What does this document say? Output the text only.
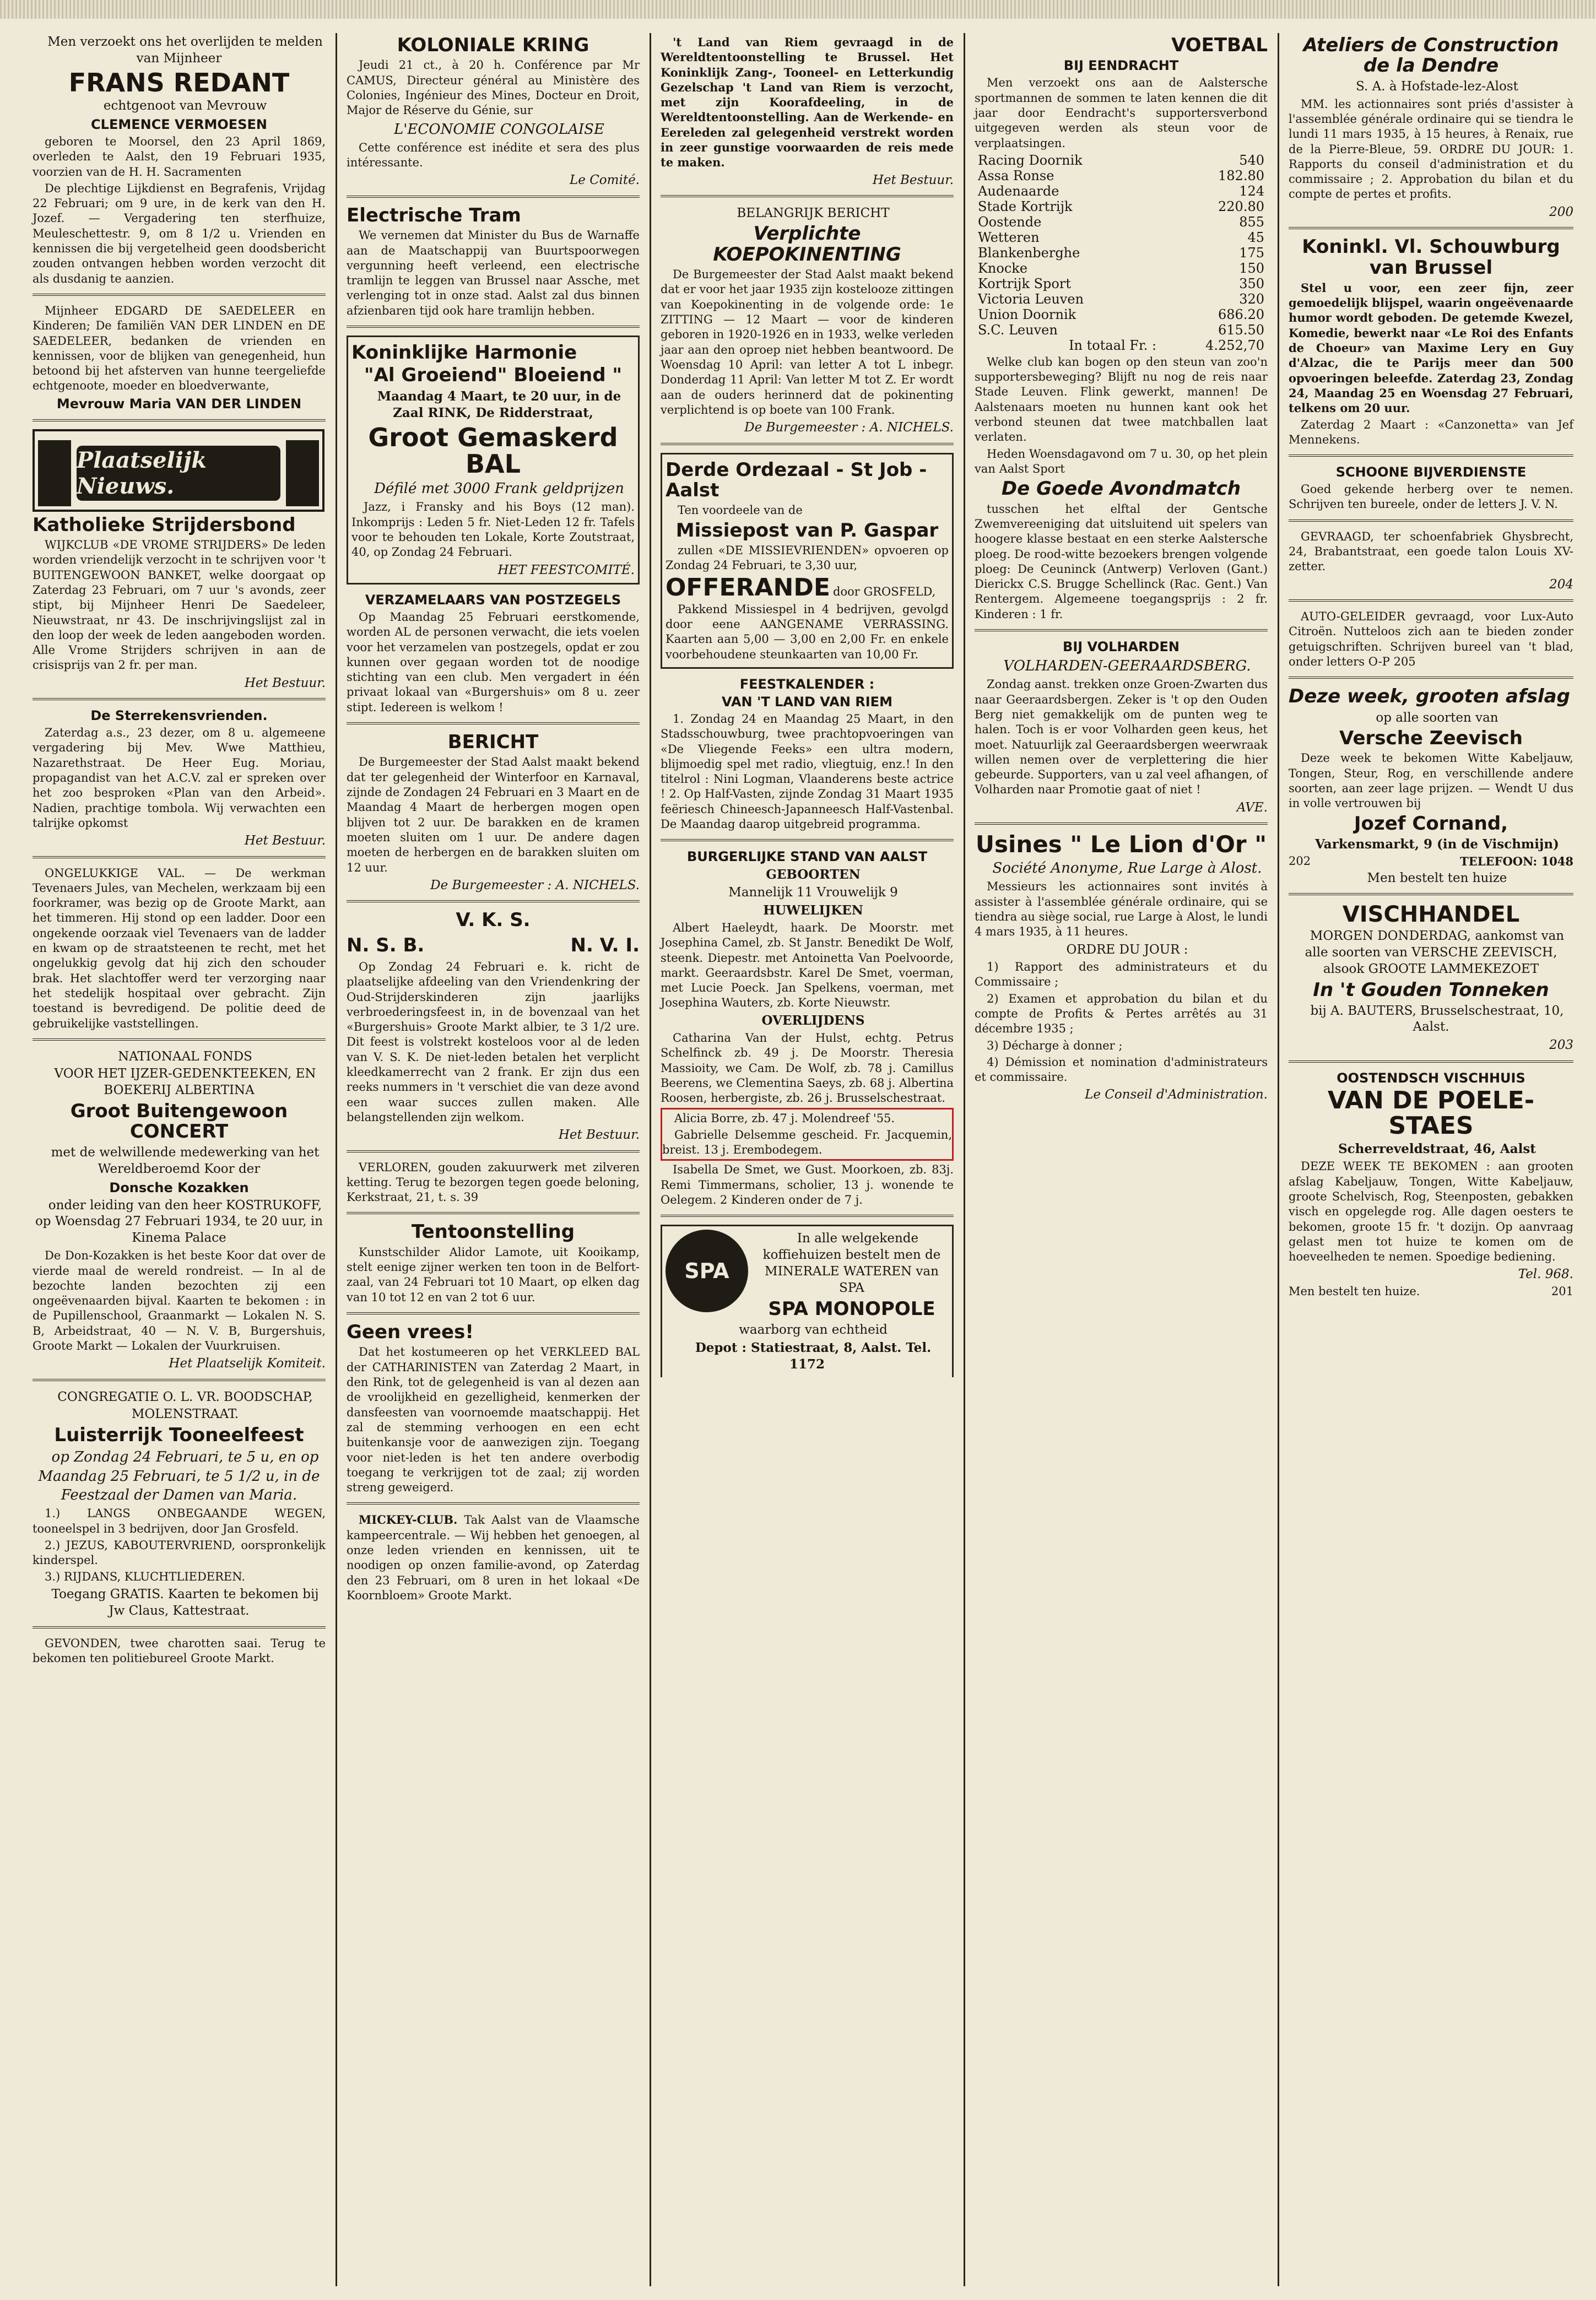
Men verzoekt ons het overlijden te melden van Mijnheer

FRANS REDANT

echtgenoot van Mevrouw

CLEMENCE VERMOESEN

geboren te Moorsel, den 23 April 1869, overleden te Aalst, den 19 Februari 1935, voorzien van de H. H. Sacramenten

De plechtige Lijkdienst en Begrafenis, Vrijdag 22 Februari; om 9 ure, in de kerk van den H. Jozef. — Vergadering ten sterfhuize, Meuleschettestr. 9, om 8 1/2 u. Vrienden en kennissen die bij vergetelheid geen doodsbericht zouden ontvangen hebben worden verzocht dit als dusdanig te aanzien.

Mijnheer EDGARD DE SAEDELEER en Kinderen; De familiën VAN DER LINDEN en DE SAEDELEER, bedanken de vrienden en kennissen, voor de blijken van genegenheid, hun betoond bij het afsterven van hunne teergeliefde echtgenoote, moeder en bloedverwante,

Mevrouw Maria VAN DER LINDEN
Plaatselijk Nieuws.
Katholieke Strijdersbond

WIJKCLUB «DE VROME STRIJDERS» De leden worden vriendelijk verzocht in te schrijven voor 't BUITENGEWOON BANKET, welke doorgaat op Zaterdag 23 Februari, om 7 uur 's avonds, zeer stipt, bij Mijnheer Henri De Saedeleer, Nieuwstraat, nr 43. De inschrijvingslijst zal in den loop der week de leden aangeboden worden. Alle Vrome Strijders schrijven in aan de crisisprijs van 2 fr. per man.

Het Bestuur.

De Sterrekensvrienden.

Zaterdag a.s., 23 dezer, om 8 u. algemeene vergadering bij Mev. Wwe Matthieu, Nazarethstraat. De Heer Eug. Moriau, propagandist van het A.C.V. zal er spreken over het zoo besproken «Plan van den Arbeid». Nadien, prachtige tombola. Wij verwachten een talrijke opkomst

Het Bestuur.

ONGELUKKIGE VAL. — De werkman Tevenaers Jules, van Mechelen, werkzaam bij een foorkramer, was bezig op de Groote Markt, aan het timmeren. Hij stond op een ladder. Door een ongekende oorzaak viel Tevenaers van de ladder en kwam op de straatsteenen te recht, met het ongelukkig gevolg dat hij zich den schouder brak. Het slachtoffer werd ter verzorging naar het stedelijk hospitaal over gebracht. Zijn toestand is bevredigend. De politie deed de gebruikelijke vaststellingen.

NATIONAAL FONDS

VOOR HET IJZER-GEDENKTEEKEN, EN BOEKERIJ ALBERTINA

Groot Buitengewoon CONCERT

met de welwillende medewerking van het Wereldberoemd Koor der

Donsche Kozakken

onder leiding van den heer KOSTRUKOFF, op Woensdag 27 Februari 1934, te 20 uur, in Kinema Palace

De Don-Kozakken is het beste Koor dat over de vierde maal de wereld rondreist. — In al de bezochte landen bezochten zij een ongeëvenaarden bijval. Kaarten te bekomen : in de Pupillenschool, Graanmarkt — Lokalen N. S. B, Arbeidstraat, 40 — N. V. B, Burgershuis, Groote Markt — Lokalen der Vuurkruisen.

Het Plaatselijk Komiteit.

CONGREGATIE O. L. VR. BOODSCHAP,

MOLENSTRAAT.

Luisterrijk Tooneelfeest

op Zondag 24 Februari, te 5 u, en op Maandag 25 Februari, te 5 1/2 u, in de Feestzaal der Damen van Maria.

1.) LANGS ONBEGAANDE WEGEN, tooneelspel in 3 bedrijven, door Jan Grosfeld.

2.) JEZUS, KABOUTERVRIEND, oorspronkelijk kinderspel.

3.) RIJDANS, KLUCHTLIEDEREN.

Toegang GRATIS. Kaarten te bekomen bij Jw Claus, Kattestraat.

GEVONDEN, twee charotten saai. Terug te bekomen ten politiebureel Groote Markt.

KOLONIALE KRING

Jeudi 21 ct., à 20 h. Conférence par Mr CAMUS, Directeur général au Ministère des Colonies, Ingénieur des Mines, Docteur en Droit, Major de Réserve du Génie, sur

L'ECONOMIE CONGOLAISE

Cette conférence est inédite et sera des plus intéressante.

Le Comité.

Electrische Tram

We vernemen dat Minister du Bus de Warnaffe aan de Maatschappij van Buurtspoorwegen vergunning heeft verleend, een electrische tramlijn te leggen van Brussel naar Assche, met verlenging tot in onze stad. Aalst zal dus binnen afzienbaren tijd ook hare tramlijn hebben.

Koninklijke Harmonie
"Al Groeiend" Bloeiend "

Maandag 4 Maart, te 20 uur, in de Zaal RINK, De Ridderstraat,

Groot Gemaskerd BAL

Défilé met 3000 Frank geldprijzen

Jazz, i Fransky and his Boys (12 man). Inkomprijs : Leden 5 fr. Niet-Leden 12 fr. Tafels voor te behouden ten Lokale, Korte Zoutstraat, 40, op Zondag 24 Februari.

HET FEESTCOMITÉ.

VERZAMELAARS VAN POSTZEGELS

Op Maandag 25 Februari eerstkomende, worden AL de personen verwacht, die iets voelen voor het verzamelen van postzegels, opdat er zou kunnen over gegaan worden tot de noodige stichting van een club. Men vergadert in één privaat lokaal van «Burgershuis» om 8 u. zeer stipt. Iedereen is welkom !

BERICHT

De Burgemeester der Stad Aalst maakt bekend dat ter gelegenheid der Winterfoor en Karnaval, zijnde de Zondagen 24 Februari en 3 Maart en de Maandag 4 Maart de herbergen mogen open blijven tot 2 uur. De barakken en de kramen moeten sluiten om 1 uur. De andere dagen moeten de herbergen en de barakken sluiten om 12 uur.

De Burgemeester : A. NICHELS.

V. K. S.
N. S. B.	N. V. I.

Op Zondag 24 Februari e. k. richt de plaatselijke afdeeling van den Vriendenkring der Oud-Strijderskinderen zijn jaarlijks verbroederingsfeest in, in de bovenzaal van het «Burgershuis» Groote Markt albier, te 3 1/2 ure. Dit feest is volstrekt kosteloos voor al de leden van V. S. K. De niet-leden betalen het verplicht kleedkamerrecht van 2 frank. Er zijn dus een reeks nummers in 't verschiet die van deze avond een waar succes zullen maken. Alle belangstellenden zijn welkom.

Het Bestuur.

VERLOREN, gouden zakuurwerk met zilveren ketting. Terug te bezorgen tegen goede beloning, Kerkstraat, 21, t. s. 39

Tentoonstelling

Kunstschilder Alidor Lamote, uit Kooikamp, stelt eenige zijner werken ten toon in de Belfort-zaal, van 24 Februari tot 10 Maart, op elken dag van 10 tot 12 en van 2 tot 6 uur.

Geen vrees!

Dat het kostumeeren op het VERKLEED BAL der CATHARINISTEN van Zaterdag 2 Maart, in den Rink, tot de gelegenheid is van al dezen aan de vroolijkheid en gezelligheid, kenmerken der dansfeesten van voornoemde maatschappij. Het zal de stemming verhoogen en een echt buitenkansje voor de aanwezigen zijn. Toegang voor niet-leden is het ten andere overbodig toegang te verkrijgen tot de zaal; zij worden streng geweigerd.

MICKEY-CLUB. Tak Aalst van de Vlaamsche kampeercentrale. — Wij hebben het genoegen, al onze leden vrienden en kennissen, uit te noodigen op onzen familie-avond, op Zaterdag den 23 Februari, om 8 uren in het lokaal «De Koornbloem» Groote Markt.

't Land van Riem gevraagd in de Wereldtentoonstelling te Brussel. Het Koninklijk Zang-, Tooneel- en Letterkundig Gezelschap 't Land van Riem is verzocht, met zijn Koorafdeeling, in de Wereldtentoonstelling. Aan de Werkende- en Eereleden zal gelegenheid verstrekt worden in zeer gunstige voorwaarden de reis mede te maken.

Het Bestuur.

BELANGRIJK BERICHT

Verplichte KOEPOKINENTING

De Burgemeester der Stad Aalst maakt bekend dat er voor het jaar 1935 zijn kostelooze zittingen van Koepokinenting in de volgende orde: 1e ZITTING — 12 Maart — voor de kinderen geboren in 1920-1926 en in 1933, welke verleden jaar aan den oproep niet hebben beantwoord. De Woensdag 10 April: van letter A tot L inbegr. Donderdag 11 April: Van letter M tot Z. Er wordt aan de ouders herinnerd dat de pokinenting verplichtend is op boete van 100 Frank.

De Burgemeester : A. NICHELS.

Derde Ordezaal - St Job - Aalst

Ten voordeele van de

Missiepost van P. Gaspar

zullen «DE MISSIEVRIENDEN» opvoeren op Zondag 24 Februari, te 3,30 uur,

OFFERANDE door GROSFELD,

Pakkend Missiespel in 4 bedrijven, gevolgd door eene AANGENAME VERRASSING. Kaarten aan 5,00 — 3,00 en 2,00 Fr. en enkele voorbehoudene steunkaarten van 10,00 Fr.

FEESTKALENDER :
VAN 'T LAND VAN RIEM

1. Zondag 24 en Maandag 25 Maart, in den Stadsschouwburg, twee prachtopvoeringen van «De Vliegende Feeks» een ultra modern, blijmoedig spel met radio, vliegtuig, enz.! In den titelrol : Nini Logman, Vlaanderens beste actrice ! 2. Op Half-Vasten, zijnde Zondag 31 Maart 1935 feëriesch Chineesch-Japanneesch Half-Vastenbal. De Maandag daarop uitgebreid programma.

BURGERLIJKE STAND VAN AALST

GEBOORTEN

Mannelijk 11 Vrouwelijk 9

HUWELIJKEN

Albert Haeleydt, haark. De Moorstr. met Josephina Camel, zb. St Janstr. Benedikt De Wolf, steenk. Diepestr. met Antoinetta Van Poelvoorde, markt. Geeraardsbstr. Karel De Smet, voerman, met Lucie Poeck. Jan Spelkens, voerman, met Josephina Wauters, zb. Korte Nieuwstr.

OVERLIJDENS

Catharina Van der Hulst, echtg. Petrus Schelfinck zb. 49 j. De Moorstr. Theresia Massioity, we Cam. De Wolf, zb. 78 j. Camillus Beerens, we Clementina Saeys, zb. 68 j. Albertina Roosen, herbergiste, zb. 26 j. Brusselschestraat.

Alicia Borre, zb. 47 j. Molendreef '55.

Gabrielle Delsemme gescheid. Fr. Jacquemin, breist. 13 j. Erembodegem.

Isabella De Smet, we Gust. Moorkoen, zb. 83j. Remi Timmermans, scholier, 13 j. wonende te Oelegem. 2 Kinderen onder de 7 j.

SPA

In alle welgekende koffiehuizen bestelt men de MINERALE WATEREN van SPA

SPA MONOPOLE

waarborg van echtheid

Depot : Statiestraat, 8, Aalst. Tel. 1172

VOETBAL
BIJ EENDRACHT

Men verzoekt ons aan de Aalstersche sportmannen de sommen te laten kennen die dit jaar door Eendracht's supportersverbond uitgegeven werden als steun voor de verplaatsingen.

Racing Doornik	540
Assa Ronse	182.80
Audenaarde	124
Stade Kortrijk	220.80
Oostende	855
Wetteren	45
Blankenberghe	175
Knocke	150
Kortrijk Sport	350
Victoria Leuven	320
Union Doornik	686.20
S.C. Leuven	615.50
In totaal Fr. :	4.252,70

Welke club kan bogen op den steun van zoo'n supportersbeweging? Blijft nu nog de reis naar Stade Leuven. Flink gewerkt, mannen! De Aalstenaars moeten nu hunnen kant ook het verbond steunen dat twee matchballen laat verlaten.

Heden Woensdagavond om 7 u. 30, op het plein van Aalst Sport

De Goede Avondmatch

tusschen het elftal der Gentsche Zwemvereeniging dat uitsluitend uit spelers van hoogere klasse bestaat en een sterke Aalstersche ploeg. De rood-witte bezoekers brengen volgende ploeg: De Ceuninck (Antwerp) Verloven (Gant.) Dierickx C.S. Brugge Schellinck (Rac. Gent.) Van Rentergem. Algemeene toegangsprijs : 2 fr. Kinderen : 1 fr.

BIJ VOLHARDEN

VOLHARDEN-GEERAARDSBERG.

Zondag aanst. trekken onze Groen-Zwarten dus naar Geeraardsbergen. Zeker is 't op den Ouden Berg niet gemakkelijk om de punten weg te halen. Toch is er voor Volharden geen keus, het moet. Natuurlijk zal Geeraardsbergen weerwraak willen nemen over de verplettering die hier gebeurde. Supporters, van u zal veel afhangen, of Volharden naar Promotie gaat of niet !

AVE.

Usines " Le Lion d'Or "

Société Anonyme, Rue Large à Alost.

Messieurs les actionnaires sont invités à assister à l'assemblée générale ordinaire, qui se tiendra au siège social, rue Large à Alost, le lundi 4 mars 1935, à 11 heures.

ORDRE DU JOUR :

1) Rapport des administrateurs et du Commissaire ;

2) Examen et approbation du bilan et du compte de Profits & Pertes arrêtés au 31 décembre 1935 ;

3) Décharge à donner ;

4) Démission et nomination d'administrateurs et commissaire.

Le Conseil d'Administration.

Ateliers de Construction de la Dendre

S. A. à Hofstade-lez-Alost

MM. les actionnaires sont priés d'assister à l'assemblée générale ordinaire qui se tiendra le lundi 11 mars 1935, à 15 heures, à Renaix, rue de la Pierre-Bleue, 59. ORDRE DU JOUR: 1. Rapports du conseil d'administration et du commissaire ; 2. Approbation du bilan et du compte de pertes et profits.

200

Koninkl. Vl. Schouwburg van Brussel

Stel u voor, een zeer fijn, zeer gemoedelijk blijspel, waarin ongeëvenaarde humor wordt geboden. De getemde Kwezel, Komedie, bewerkt naar «Le Roi des Enfants de Choeur» van Maxime Lery en Guy d'Alzac, die te Parijs meer dan 500 opvoeringen beleefde. Zaterdag 23, Zondag 24, Maandag 25 en Woensdag 27 Februari, telkens om 20 uur.

Zaterdag 2 Maart : «Canzonetta» van Jef Mennekens.

SCHOONE BIJVERDIENSTE

Goed gekende herberg over te nemen. Schrijven ten bureele, onder de letters J. V. N.

GEVRAAGD, ter schoenfabriek Ghysbrecht, 24, Brabantstraat, een goede talon Louis XV-zetter.

204

AUTO-GELEIDER gevraagd, voor Lux-Auto Citroën. Nutteloos zich aan te bieden zonder getuigschriften. Schrijven bureel van 't blad, onder letters O-P 205

Deze week, grooten afslag

op alle soorten van

Versche Zeevisch

Deze week te bekomen Witte Kabeljauw, Tongen, Steur, Rog, en verschillende andere soorten, aan zeer lage prijzen. — Wendt U dus in volle vertrouwen bij

Jozef Cornand,

Varkensmarkt, 9 (in de Vischmijn)

202	TELEFOON: 1048

Men bestelt ten huize

VISCHHANDEL

MORGEN DONDERDAG, aankomst van alle soorten van VERSCHE ZEEVISCH, alsook GROOTE LAMMEKEZOET

In 't Gouden Tonneken

bij A. BAUTERS, Brusselschestraat, 10, Aalst.

203

OOSTENDSCH VISCHHUIS
VAN DE POELE-STAES

Scherreveldstraat, 46, Aalst

DEZE WEEK TE BEKOMEN : aan grooten afslag Kabeljauw, Tongen, Witte Kabeljauw, groote Schelvisch, Rog, Steenposten, gebakken visch en opgelegde rog. Alle dagen oesters te bekomen, groote 15 fr. 't dozijn. Op aanvraag gelast men tot huize te komen om de hoeveelheden te nemen. Spoedige bediening.

Tel. 968.

Men bestelt ten huize.	201
